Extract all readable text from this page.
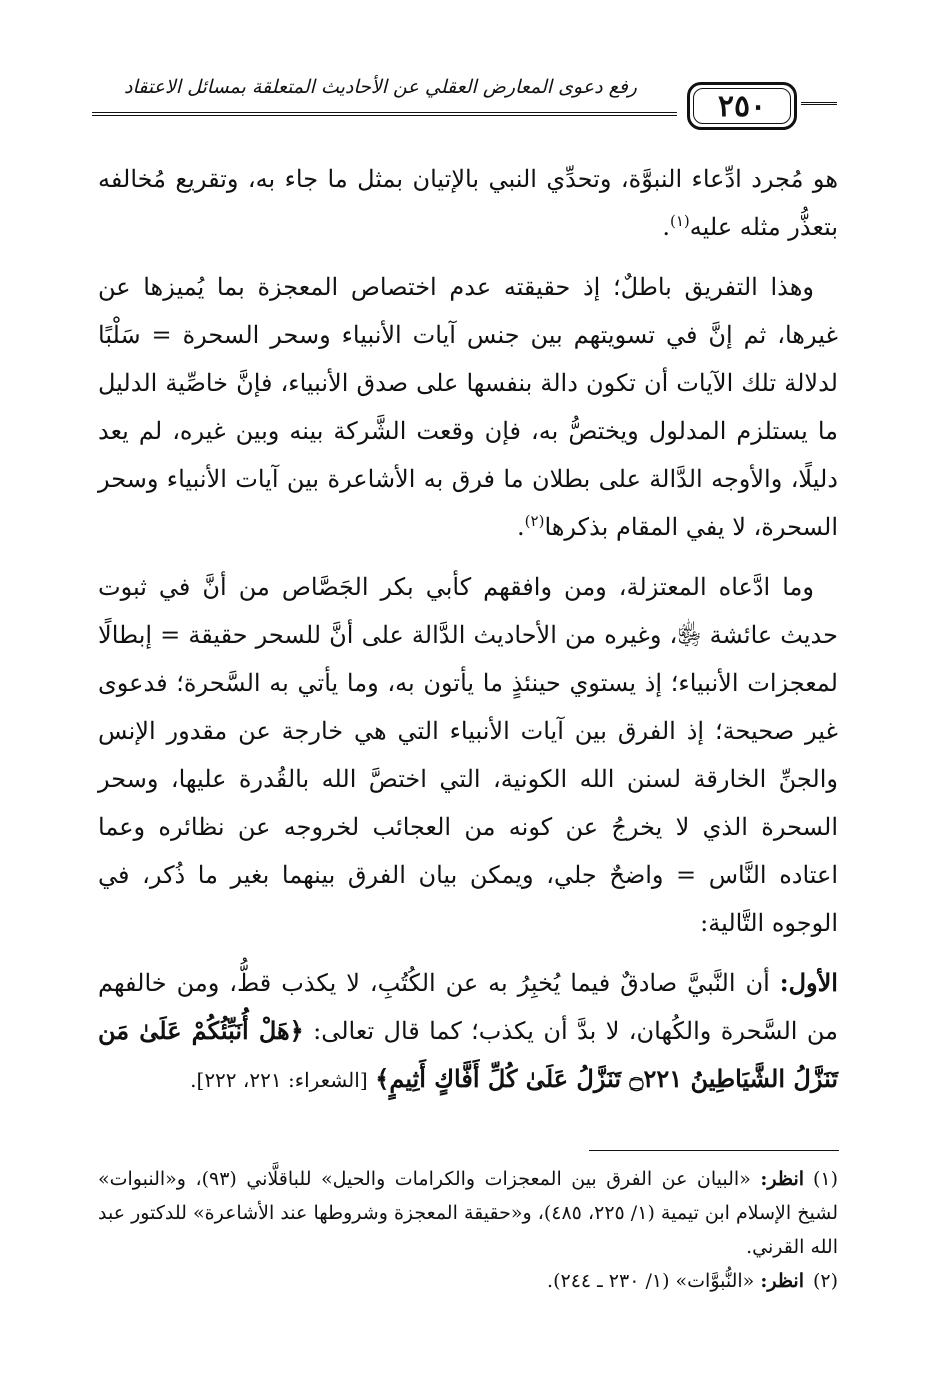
٢٥٠
رفع دعوى المعارض العقلي عن الأحاديث المتعلقة بمسائل الاعتقاد

هو مُجرد ادِّعاء النبوَّة، وتحدِّي النبي بالإتيان بمثل ما جاء به، وتقريع مُخالفه بتعذُّر مثله عليه$^{(١)}$.

وهذا التفريق باطلٌ؛ إذ حقيقته عدم اختصاص المعجزة بما يُميزها عن غيرها، ثم إنَّ في تسويتهم بين جنس آيات الأنبياء وسحر السحرة = سَلْبًا لدلالة تلك الآيات أن تكون دالة بنفسها على صدق الأنبياء، فإنَّ خاصِّية الدليل ما يستلزم المدلول ويختصُّ به، فإن وقعت الشَّركة بينه وبين غيره، لم يعد دليلًا، والأوجه الدَّالة على بطلان ما فرق به الأشاعرة بين آيات الأنبياء وسحر السحرة، لا يفي المقام بذكرها$^{(٢)}$.

وما ادَّعاه المعتزلة، ومن وافقهم كأبي بكر الجَصَّاص من أنَّ في ثبوت حديث عائشة ﵂، وغيره من الأحاديث الدَّالة على أنَّ للسحر حقيقة = إبطالًا لمعجزات الأنبياء؛ إذ يستوي حينئذٍ ما يأتون به، وما يأتي به السَّحرة؛ فدعوى غير صحيحة؛ إذ الفرق بين آيات الأنبياء التي هي خارجة عن مقدور الإنس والجنِّ الخارقة لسنن الله الكونية، التي اختصَّ الله بالقُدرة عليها، وسحر السحرة الذي لا يخرجُ عن كونه من العجائب لخروجه عن نظائره وعما اعتاده النَّاس = واضحٌ جلي، ويمكن بيان الفرق بينهما بغير ما ذُكر، في الوجوه التَّالية:

الأول: أن النَّبيَّ صادقٌ فيما يُخبِرُ به عن الكُتُبِ، لا يكذب قطُّ، ومن خالفهم من السَّحرة والكُهان، لا بدَّ أن يكذب؛ كما قال تعالى: ﴿هَلْ أُنَبِّئُكُمْ عَلَىٰ مَن تَنَزَّلُ الشَّيَاطِينُ ۝٢٢١ تَنَزَّلُ عَلَىٰ كُلِّ أَفَّاكٍ أَثِيمٍ﴾ [الشعراء: ٢٢١، ٢٢٢].

(١)انظر: «البيان عن الفرق بين المعجزات والكرامات والحيل» للباقلَّاني (٩٣)، و«النبوات» لشيخ الإسلام ابن تيمية (١/ ٢٢٥، ٤٨٥)، و«حقيقة المعجزة وشروطها عند الأشاعرة» للدكتور عبد الله القرني.

(٢)انظر: «النُّبوَّات» (١/ ٢٣٠ ـ ٢٤٤).
